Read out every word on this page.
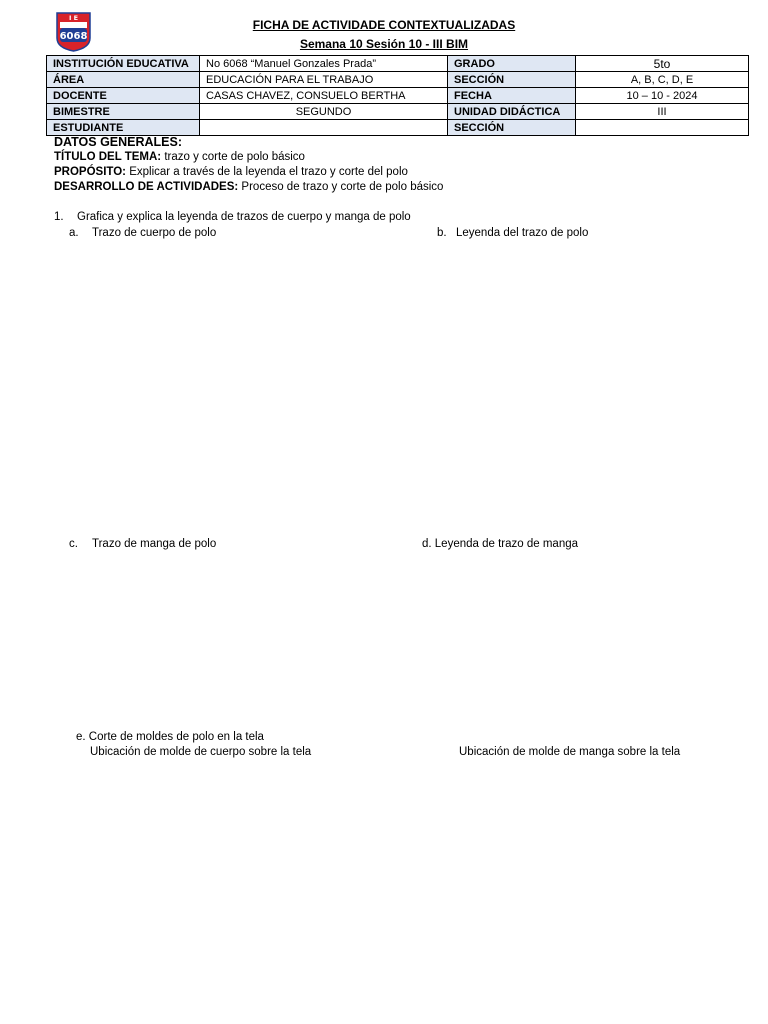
I E
6068
FICHA DE ACTIVIDADE CONTEXTUALIZADAS
Semana 10 Sesión 10 - III BIM
INSTITUCIÓN EDUCATIVA	No 6068 “Manuel Gonzales Prada”	GRADO	5to
ÁREA	EDUCACIÓN PARA EL TRABAJO	SECCIÓN	A, B, C, D, E
DOCENTE	CASAS CHAVEZ, CONSUELO BERTHA	FECHA	10 – 10 - 2024
BIMESTRE	SEGUNDO	UNIDAD DIDÁCTICA	III
ESTUDIANTE		SECCIÓN	
DATOS GENERALES:
TÍTULO DEL TEMA: trazo y corte de polo básico
PROPÓSITO: Explicar a través de la leyenda el trazo y corte del polo
DESARROLLO DE ACTIVIDADES: Proceso de trazo y corte de polo básico
1. Grafica y explica la leyenda de trazos de cuerpo y manga de polo
a. Trazo de cuerpo de polo	b. Leyenda del trazo de polo
c. Trazo de manga de polo	d. Leyenda de trazo de manga
e. Corte de moldes de polo en la tela
Ubicación de molde de cuerpo sobre la tela	Ubicación de molde de manga sobre la tela
